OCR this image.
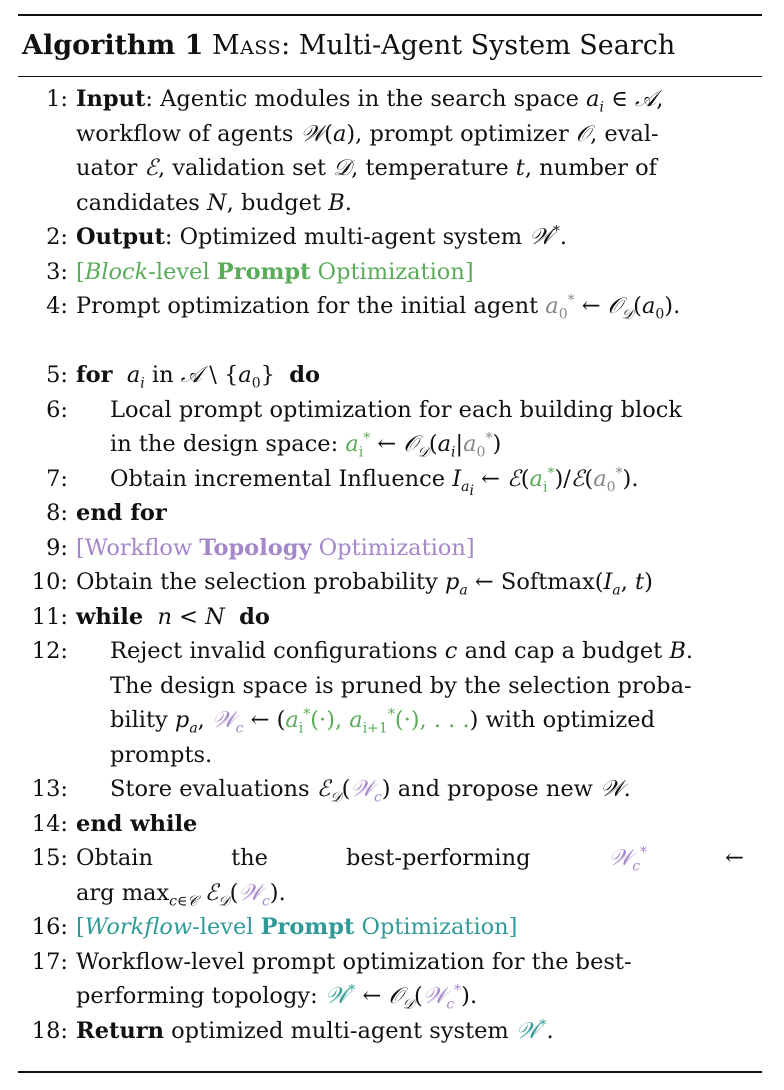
Algorithm 1 Mass: Multi-Agent System Search
1: Input: Agentic modules in the search space $a_i$ ∈ 𝒜,
workflow of agents 𝒲(a), prompt optimizer 𝒪, eval-
uator ℰ, validation set 𝒟, temperature t, number of
candidates N, budget B.
2: Output: Optimized multi-agent system 𝒲*.
3: [Block-level Prompt Optimization]
4: Prompt optimization for the initial agent $a_0^*$ ← $𝒪_𝒟(a_0)$.
5: for $a_i$ in 𝒜 \ $\{a_0\}$  do
6: Local prompt optimization for each building block
in the design space: $a_i^*$ ← $𝒪_𝒟(a_i|a_0^*)$
7: Obtain incremental Influence $I_{a_i}$ ← $ℰ(a_i^*)/ℰ(a_0^*)$.
8: end for
9: [Workflow Topology Optimization]
10: Obtain the selection probability $p_a$ ← $Softmax(I_a$, t)
11: while n < N do
12: Reject invalid configurations c and cap a budget B.
The design space is pruned by the selection proba-
bility $p_a$, 𝒲$_c$ ← ($a_i^*(\cdot)$, $a_{i+1}^*(\cdot)$, . . .) with optimized
prompts.
13: Store evaluations ℰ$_𝒟$(𝒲$_c$) and propose new 𝒲.
14: end while
15: Obtain	the	best-performing	𝒲$_c$*	←
arg $\max_{c\in 𝒞}$ ℰ$_𝒟$(𝒲$_c$).
16: [Workflow-level Prompt Optimization]
17: Workflow-level prompt optimization for the best-
performing topology: 𝒲* ← 𝒪$_𝒟$(𝒲$_c$*).
18: Return optimized multi-agent system 𝒲*.
